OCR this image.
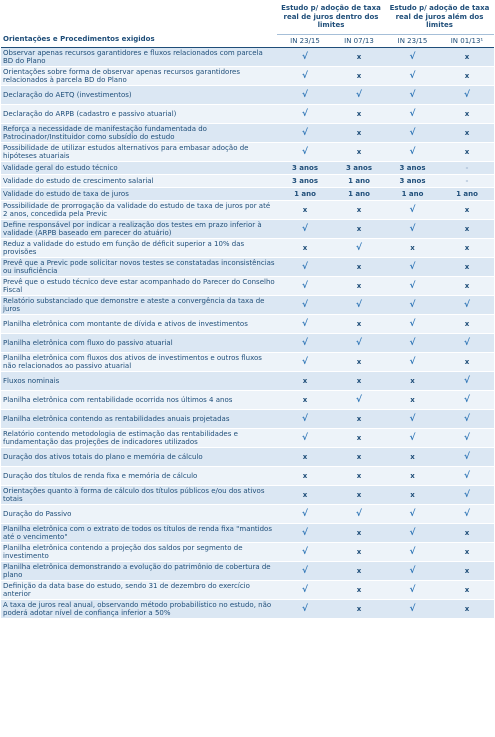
Orientações e Procedimentos exigidos	Estudo p/ adoção de taxa real de juros dentro dos limites		Estudo p/ adoção de taxa real de juros além dos limites	
	IN 23/15	IN 07/13	IN 23/15	IN 01/13¹
Observar apenas recursos garantidores e fluxos relacionados com parcela BD do Plano	√	x	√	x
Orientações sobre forma de observar apenas recursos garantidores relacionados à parcela BD do Plano	√	x	√	x
Declaração do AETQ (investimentos)	√	√	√	√
Declaração do ARPB (cadastro e passivo atuarial)	√	x	√	x
Reforça a necessidade de manifestação fundamentada do Patrocinador/Instituidor como subsídio do estudo	√	x	√	x
Possibilidade de utilizar estudos alternativos para embasar adoção de hipóteses atuariais	√	x	√	x
Validade geral do estudo técnico	3 anos	3 anos	3 anos	-
Validade do estudo de crescimento salarial	3 anos	1 ano	3 anos	-
Validade do estudo de taxa de juros	1 ano	1 ano	1 ano	1 ano
Possibilidade de prorrogação da validade do estudo de taxa de juros por até 2 anos, concedida pela Previc	x	x	√	x
Define responsável por indicar a realização dos testes em prazo inferior à validade (ARPB baseado em parecer do atuário)	√	x	√	x
Reduz a validade do estudo em função de déficit superior a 10% das provisões	x	√	x	x
Prevê que a Previc pode solicitar novos testes se constatadas inconsistências ou insuficiência	√	x	√	x
Prevê que o estudo técnico deve estar acompanhado do Parecer do Conselho Fiscal	√	x	√	x
Relatório substanciado que demonstre e ateste a convergência da taxa de juros	√	√	√	√
Planilha eletrônica com montante de dívida e ativos de investimentos	√	x	√	x
Planilha eletrônica com fluxo do passivo atuarial	√	√	√	√
Planilha eletrônica com fluxos dos ativos de investimentos e outros fluxos não relacionados ao passivo atuarial	√	x	√	x
Fluxos nominais	x	x	x	√
Planilha eletrônica com rentabilidade ocorrida nos últimos 4 anos	x	√	x	√
Planilha eletrônica contendo as rentabilidades anuais projetadas	√	x	√	√
Relatório contendo metodologia de estimação das rentabilidades e fundamentação das projeções de indicadores utilizados	√	x	√	√
Duração dos ativos totais do plano e memória de cálculo	x	x	x	√
Duração dos títulos de renda fixa e memória de cálculo	x	x	x	√
Orientações quanto à forma de cálculo dos títulos públicos e/ou dos ativos totais	x	x	x	√
Duração do Passivo	√	√	√	√
Planilha eletrônica com o extrato de todos os títulos de renda fixa "mantidos até o vencimento"	√	x	√	x
Planilha eletrônica contendo a projeção dos saldos por segmento de investimento	√	x	√	x
Planilha eletrônica demonstrando a evolução do patrimônio de cobertura de plano	√	x	√	x
Definição da data base do estudo, sendo 31 de dezembro do exercício anterior	√	x	√	x
A taxa de juros real anual, observando método probabilístico no estudo, não poderá adotar nível de confiança inferior a 50%	√	x	√	x
